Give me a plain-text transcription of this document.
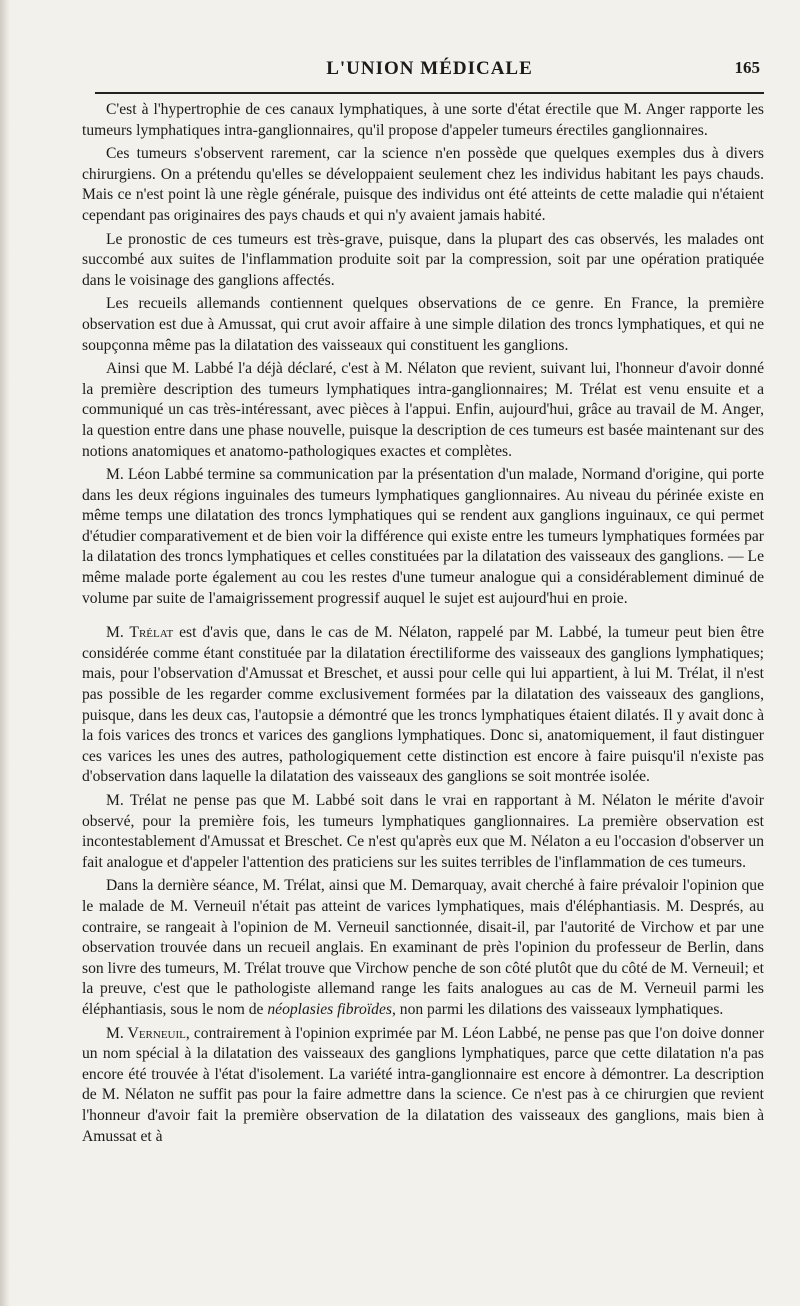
L'UNION MÉDICALE	165

C'est à l'hypertrophie de ces canaux lymphatiques, à une sorte d'état érectile que M. Anger rapporte les tumeurs lymphatiques intra-ganglionnaires, qu'il propose d'appeler tumeurs érectiles ganglionnaires.

Ces tumeurs s'observent rarement, car la science n'en possède que quelques exemples dus à divers chirurgiens. On a prétendu qu'elles se développaient seulement chez les individus habitant les pays chauds. Mais ce n'est point là une règle générale, puisque des individus ont été atteints de cette maladie qui n'étaient cependant pas originaires des pays chauds et qui n'y avaient jamais habité.

Le pronostic de ces tumeurs est très-grave, puisque, dans la plupart des cas observés, les malades ont succombé aux suites de l'inflammation produite soit par la compression, soit par une opération pratiquée dans le voisinage des ganglions affectés.

Les recueils allemands contiennent quelques observations de ce genre. En France, la première observation est due à Amussat, qui crut avoir affaire à une simple dilation des troncs lymphatiques, et qui ne soupçonna même pas la dilatation des vaisseaux qui constituent les ganglions.

Ainsi que M. Labbé l'a déjà déclaré, c'est à M. Nélaton que revient, suivant lui, l'honneur d'avoir donné la première description des tumeurs lymphatiques intra-ganglionnaires; M. Trélat est venu ensuite et a communiqué un cas très-intéressant, avec pièces à l'appui. Enfin, aujourd'hui, grâce au travail de M. Anger, la question entre dans une phase nouvelle, puisque la description de ces tumeurs est basée maintenant sur des notions anatomiques et anatomo-pathologiques exactes et complètes.

M. Léon Labbé termine sa communication par la présentation d'un malade, Normand d'origine, qui porte dans les deux régions inguinales des tumeurs lymphatiques ganglionnaires. Au niveau du périnée existe en même temps une dilatation des troncs lymphatiques qui se rendent aux ganglions inguinaux, ce qui permet d'étudier comparativement et de bien voir la différence qui existe entre les tumeurs lymphatiques formées par la dilatation des troncs lymphatiques et celles constituées par la dilatation des vaisseaux des ganglions. — Le même malade porte également au cou les restes d'une tumeur analogue qui a considérablement diminué de volume par suite de l'amaigrissement progressif auquel le sujet est aujourd'hui en proie.

M. Trélat est d'avis que, dans le cas de M. Nélaton, rappelé par M. Labbé, la tumeur peut bien être considérée comme étant constituée par la dilatation érectiliforme des vaisseaux des ganglions lymphatiques; mais, pour l'observation d'Amussat et Breschet, et aussi pour celle qui lui appartient, à lui M. Trélat, il n'est pas possible de les regarder comme exclusivement formées par la dilatation des vaisseaux des ganglions, puisque, dans les deux cas, l'autopsie a démontré que les troncs lymphatiques étaient dilatés. Il y avait donc à la fois varices des troncs et varices des ganglions lymphatiques. Donc si, anatomiquement, il faut distinguer ces varices les unes des autres, pathologiquement cette distinction est encore à faire puisqu'il n'existe pas d'observation dans laquelle la dilatation des vaisseaux des ganglions se soit montrée isolée.

M. Trélat ne pense pas que M. Labbé soit dans le vrai en rapportant à M. Nélaton le mérite d'avoir observé, pour la première fois, les tumeurs lymphatiques ganglionnaires. La première observation est incontestablement d'Amussat et Breschet. Ce n'est qu'après eux que M. Nélaton a eu l'occasion d'observer un fait analogue et d'appeler l'attention des praticiens sur les suites terribles de l'inflammation de ces tumeurs.

Dans la dernière séance, M. Trélat, ainsi que M. Demarquay, avait cherché à faire prévaloir l'opinion que le malade de M. Verneuil n'était pas atteint de varices lymphatiques, mais d'éléphantiasis. M. Després, au contraire, se rangeait à l'opinion de M. Verneuil sanctionnée, disait-il, par l'autorité de Virchow et par une observation trouvée dans un recueil anglais. En examinant de près l'opinion du professeur de Berlin, dans son livre des tumeurs, M. Trélat trouve que Virchow penche de son côté plutôt que du côté de M. Verneuil; et la preuve, c'est que le pathologiste allemand range les faits analogues au cas de M. Verneuil parmi les éléphantiasis, sous le nom de néoplasies fibroïdes, non parmi les dilations des vaisseaux lymphatiques.

M. Verneuil, contrairement à l'opinion exprimée par M. Léon Labbé, ne pense pas que l'on doive donner un nom spécial à la dilatation des vaisseaux des ganglions lymphatiques, parce que cette dilatation n'a pas encore été trouvée à l'état d'isolement. La variété intra-ganglionnaire est encore à démontrer. La description de M. Nélaton ne suffit pas pour la faire admettre dans la science. Ce n'est pas à ce chirurgien que revient l'honneur d'avoir fait la première observation de la dilatation des vaisseaux des ganglions, mais bien à Amussat et à
